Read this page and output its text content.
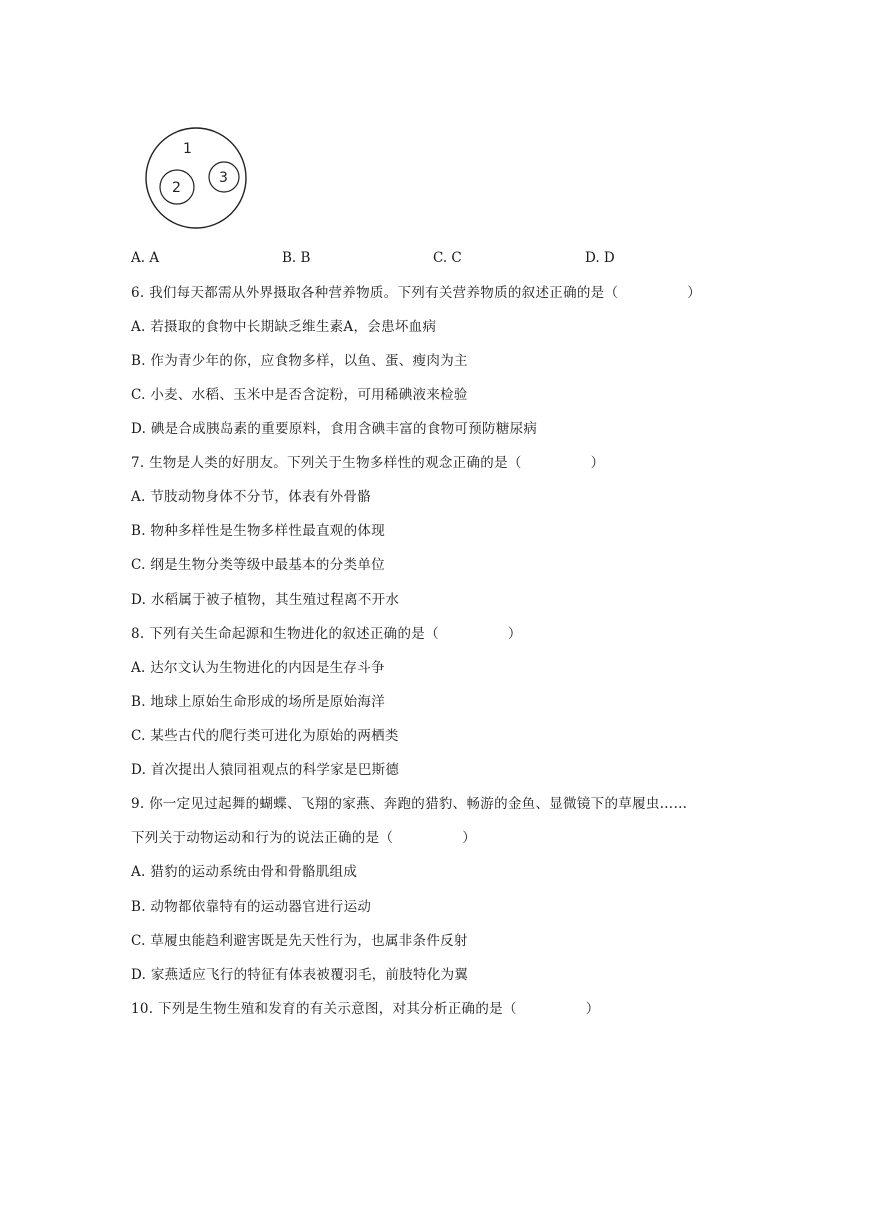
1
2
3
A. A	B. B	C. C	D. D
6. 我们每天都需从外界摄取各种营养物质。下列有关营养物质的叙述正确的是（　　　　　）
A. 若摄取的食物中长期缺乏维生素A，会患坏血病
B. 作为青少年的你，应食物多样，以鱼、蛋、瘦肉为主
C. 小麦、水稻、玉米中是否含淀粉，可用稀碘液来检验
D. 碘是合成胰岛素的重要原料，食用含碘丰富的食物可预防糖尿病
7. 生物是人类的好朋友。下列关于生物多样性的观念正确的是（　　　　　）
A. 节肢动物身体不分节，体表有外骨骼
B. 物种多样性是生物多样性最直观的体现
C. 纲是生物分类等级中最基本的分类单位
D. 水稻属于被子植物，其生殖过程离不开水
8. 下列有关生命起源和生物进化的叙述正确的是（　　　　　）
A. 达尔文认为生物进化的内因是生存斗争
B. 地球上原始生命形成的场所是原始海洋
C. 某些古代的爬行类可进化为原始的两栖类
D. 首次提出人猿同祖观点的科学家是巴斯德
9. 你一定见过起舞的蝴蝶、飞翔的家燕、奔跑的猎豹、畅游的金鱼、显微镜下的草履虫……
下列关于动物运动和行为的说法正确的是（　　　　　）
A. 猎豹的运动系统由骨和骨骼肌组成
B. 动物都依靠特有的运动器官进行运动
C. 草履虫能趋利避害既是先天性行为，也属非条件反射
D. 家燕适应飞行的特征有体表被覆羽毛，前肢特化为翼
10. 下列是生物生殖和发育的有关示意图，对其分析正确的是（　　　　　）
